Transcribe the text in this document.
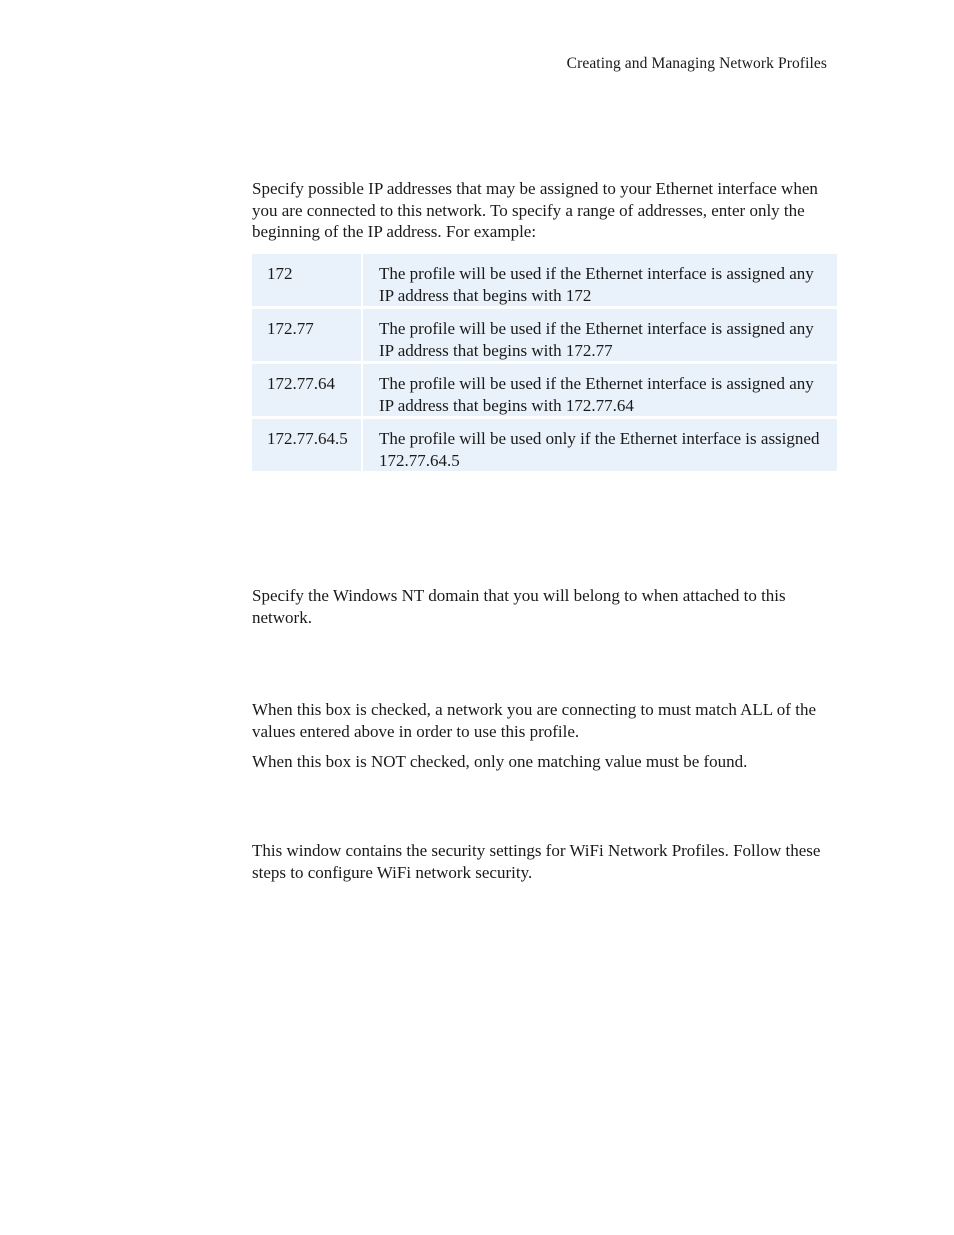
Creating and Managing Network Profiles

Specify possible IP addresses that may be assigned to your Ethernet interface when you are connected to this network. To specify a range of addresses, enter only the beginning of the IP address. For example:

172	The profile will be used if the Ethernet interface is assigned any IP address that begins with 172
172.77	The profile will be used if the Ethernet interface is assigned any IP address that begins with 172.77
172.77.64	The profile will be used if the Ethernet interface is assigned any IP address that begins with 172.77.64
172.77.64.5	The profile will be used only if the Ethernet interface is assigned 172.77.64.5

Specify the Windows NT domain that you will belong to when attached to this network.

When this box is checked, a network you are connecting to must match ALL of the values entered above in order to use this profile.

When this box is NOT checked, only one matching value must be found.

This window contains the security settings for WiFi Network Profiles. Follow these steps to configure WiFi network security.
